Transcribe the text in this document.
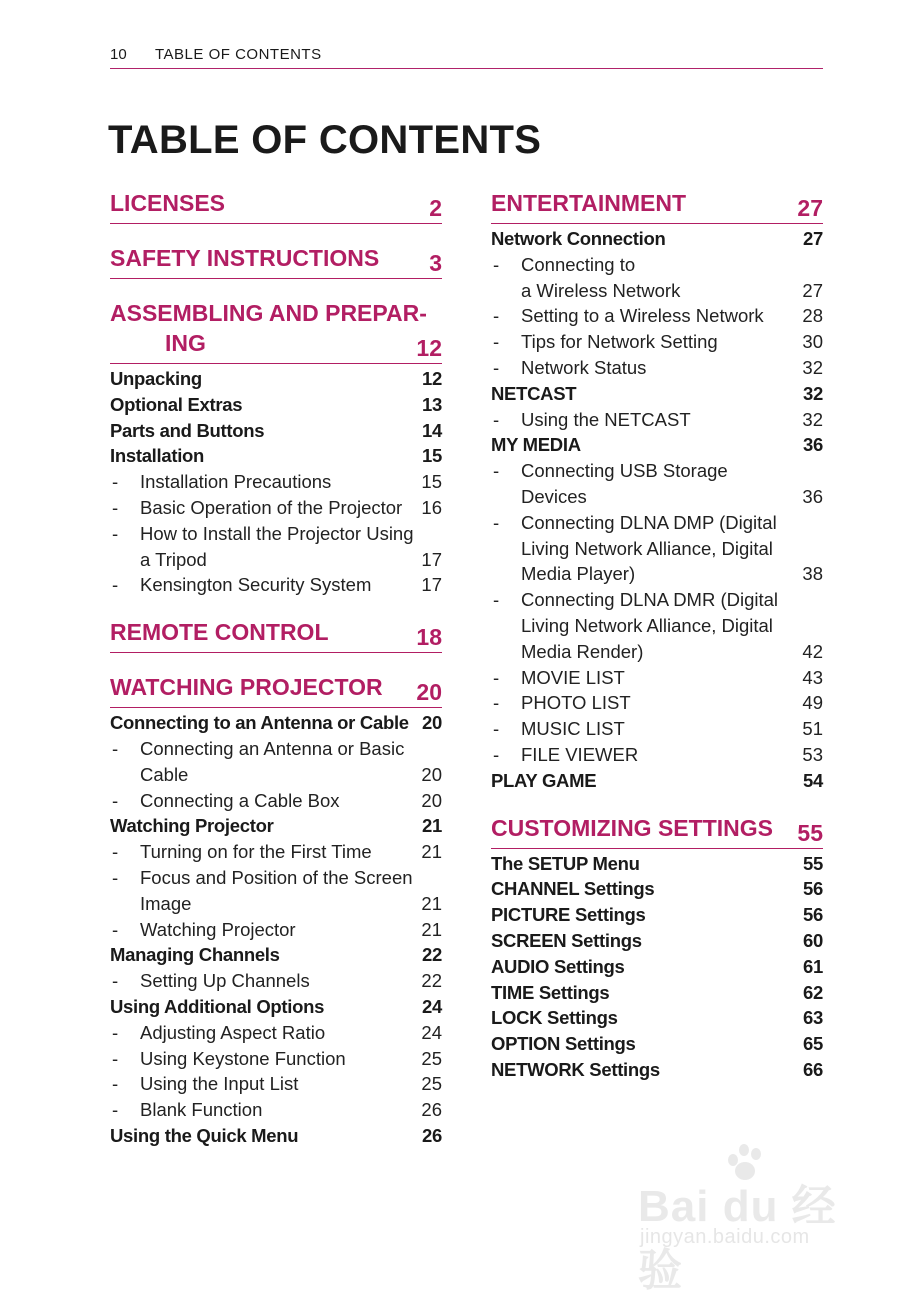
10 TABLE OF CONTENTS
TABLE OF CONTENTS
LICENSES	2
SAFETY INSTRUCTIONS 3
ASSEMBLING AND PREPAR-
ING	12
Unpacking	12
Optional Extras	13
Parts and Buttons	14
Installation	15
- Installation Precautions	15
- Basic Operation of the Projector	16
- How to Install the Projector Using
a Tripod	17
- Kensington Security System	17
REMOTE CONTROL	18
WATCHING PROJECTOR 20
Connecting to an Antenna or Cable 20
- Connecting an Antenna or Basic
Cable	20
- Connecting a Cable Box	20
Watching Projector	21
- Turning on for the First Time	21
- Focus and Position of the Screen
Image	21
- Watching Projector	21
Managing Channels	22
- Setting Up Channels	22
Using Additional Options	24
- Adjusting Aspect Ratio	24
- Using Keystone Function	25
- Using the Input List	25
- Blank Function	26
Using the Quick Menu	26
ENTERTAINMENT	27
Network Connection	27
- Connecting to
a Wireless Network	27
- Setting to a Wireless Network	28
- Tips for Network Setting	30
- Network Status	32
NETCAST	32
- Using the NETCAST	32
MY MEDIA	36
- Connecting USB Storage
Devices	36
- Connecting DLNA DMP (Digital
Living Network Alliance, Digital
Media Player)	38
- Connecting DLNA DMR (Digital
Living Network Alliance, Digital
Media Render)	42
- MOVIE LIST	43
- PHOTO LIST	49
- MUSIC LIST	51
- FILE VIEWER	53
PLAY GAME	54
CUSTOMIZING SETTINGS 55
The SETUP Menu	55
CHANNEL Settings	56
PICTURE Settings	56
SCREEN Settings	60
AUDIO Settings	61
TIME Settings	62
LOCK Settings	63
OPTION Settings	65
NETWORK Settings	66
Bai du 经验
jingyan.baidu.com
